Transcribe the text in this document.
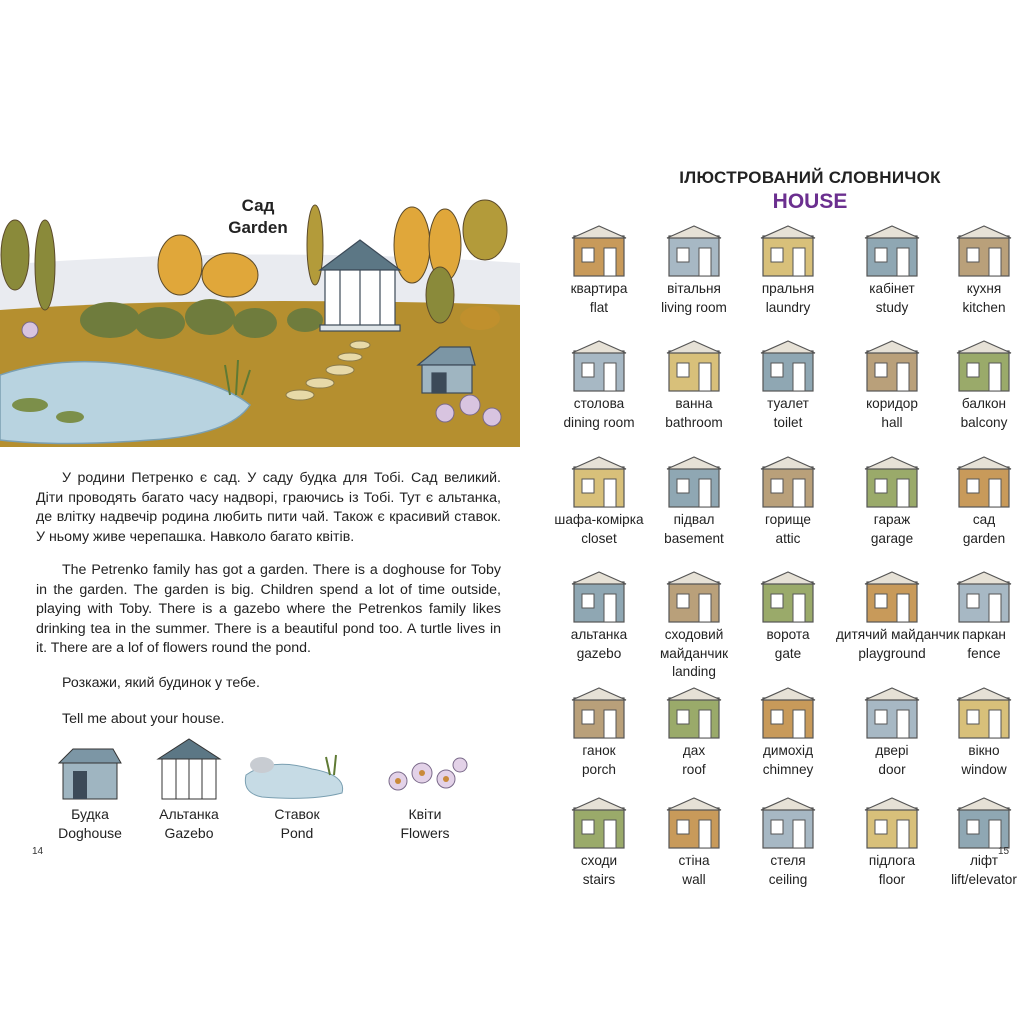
Сад
Garden

У родини Петренко є сад. У саду будка для Тобі. Сад великий. Діти проводять багато часу надворі, граючись із Тобі. Тут є альтанка, де влітку надвечір родина любить пити чай. Також є красивий ставок. У ньому живе черепашка. Навколо багато квітів.

The Petrenko family has got a garden. There is a doghouse for Toby in the garden. The garden is big. Children spend a lot of time outside, playing with Toby. There is a gazebo where the Petrenkos family likes drinking tea in the summer. There is a beautiful pond too. A turtle lives in it. There are a lof of flowers round the pond.

Розкажи, який будинок у тебе.
Tell me about your house.
Будка
Doghouse
Альтанка
Gazebo
Ставок
Pond
Квіти
Flowers
14
ІЛЮСТРОВАНИЙ СЛОВНИЧОК
HOUSE
квартира
flat
вітальня
living room
пральня
laundry
кабінет
study
кухня
kitchen
столова
dining room
ванна
bathroom
туалет
toilet
коридор
hall
балкон
balcony
шафа-комірка
closet
підвал
basement
горище
attic
гараж
garage
сад
garden
альтанка
gazebo
сходовий майданчик
landing
ворота
gate
дитячий майданчик
playground
паркан
fence
ганок
porch
дах
roof
димохід
chimney
двері
door
вікно
window
сходи
stairs
стіна
wall
стеля
ceiling
підлога
floor
ліфт
lift/elevator
15
